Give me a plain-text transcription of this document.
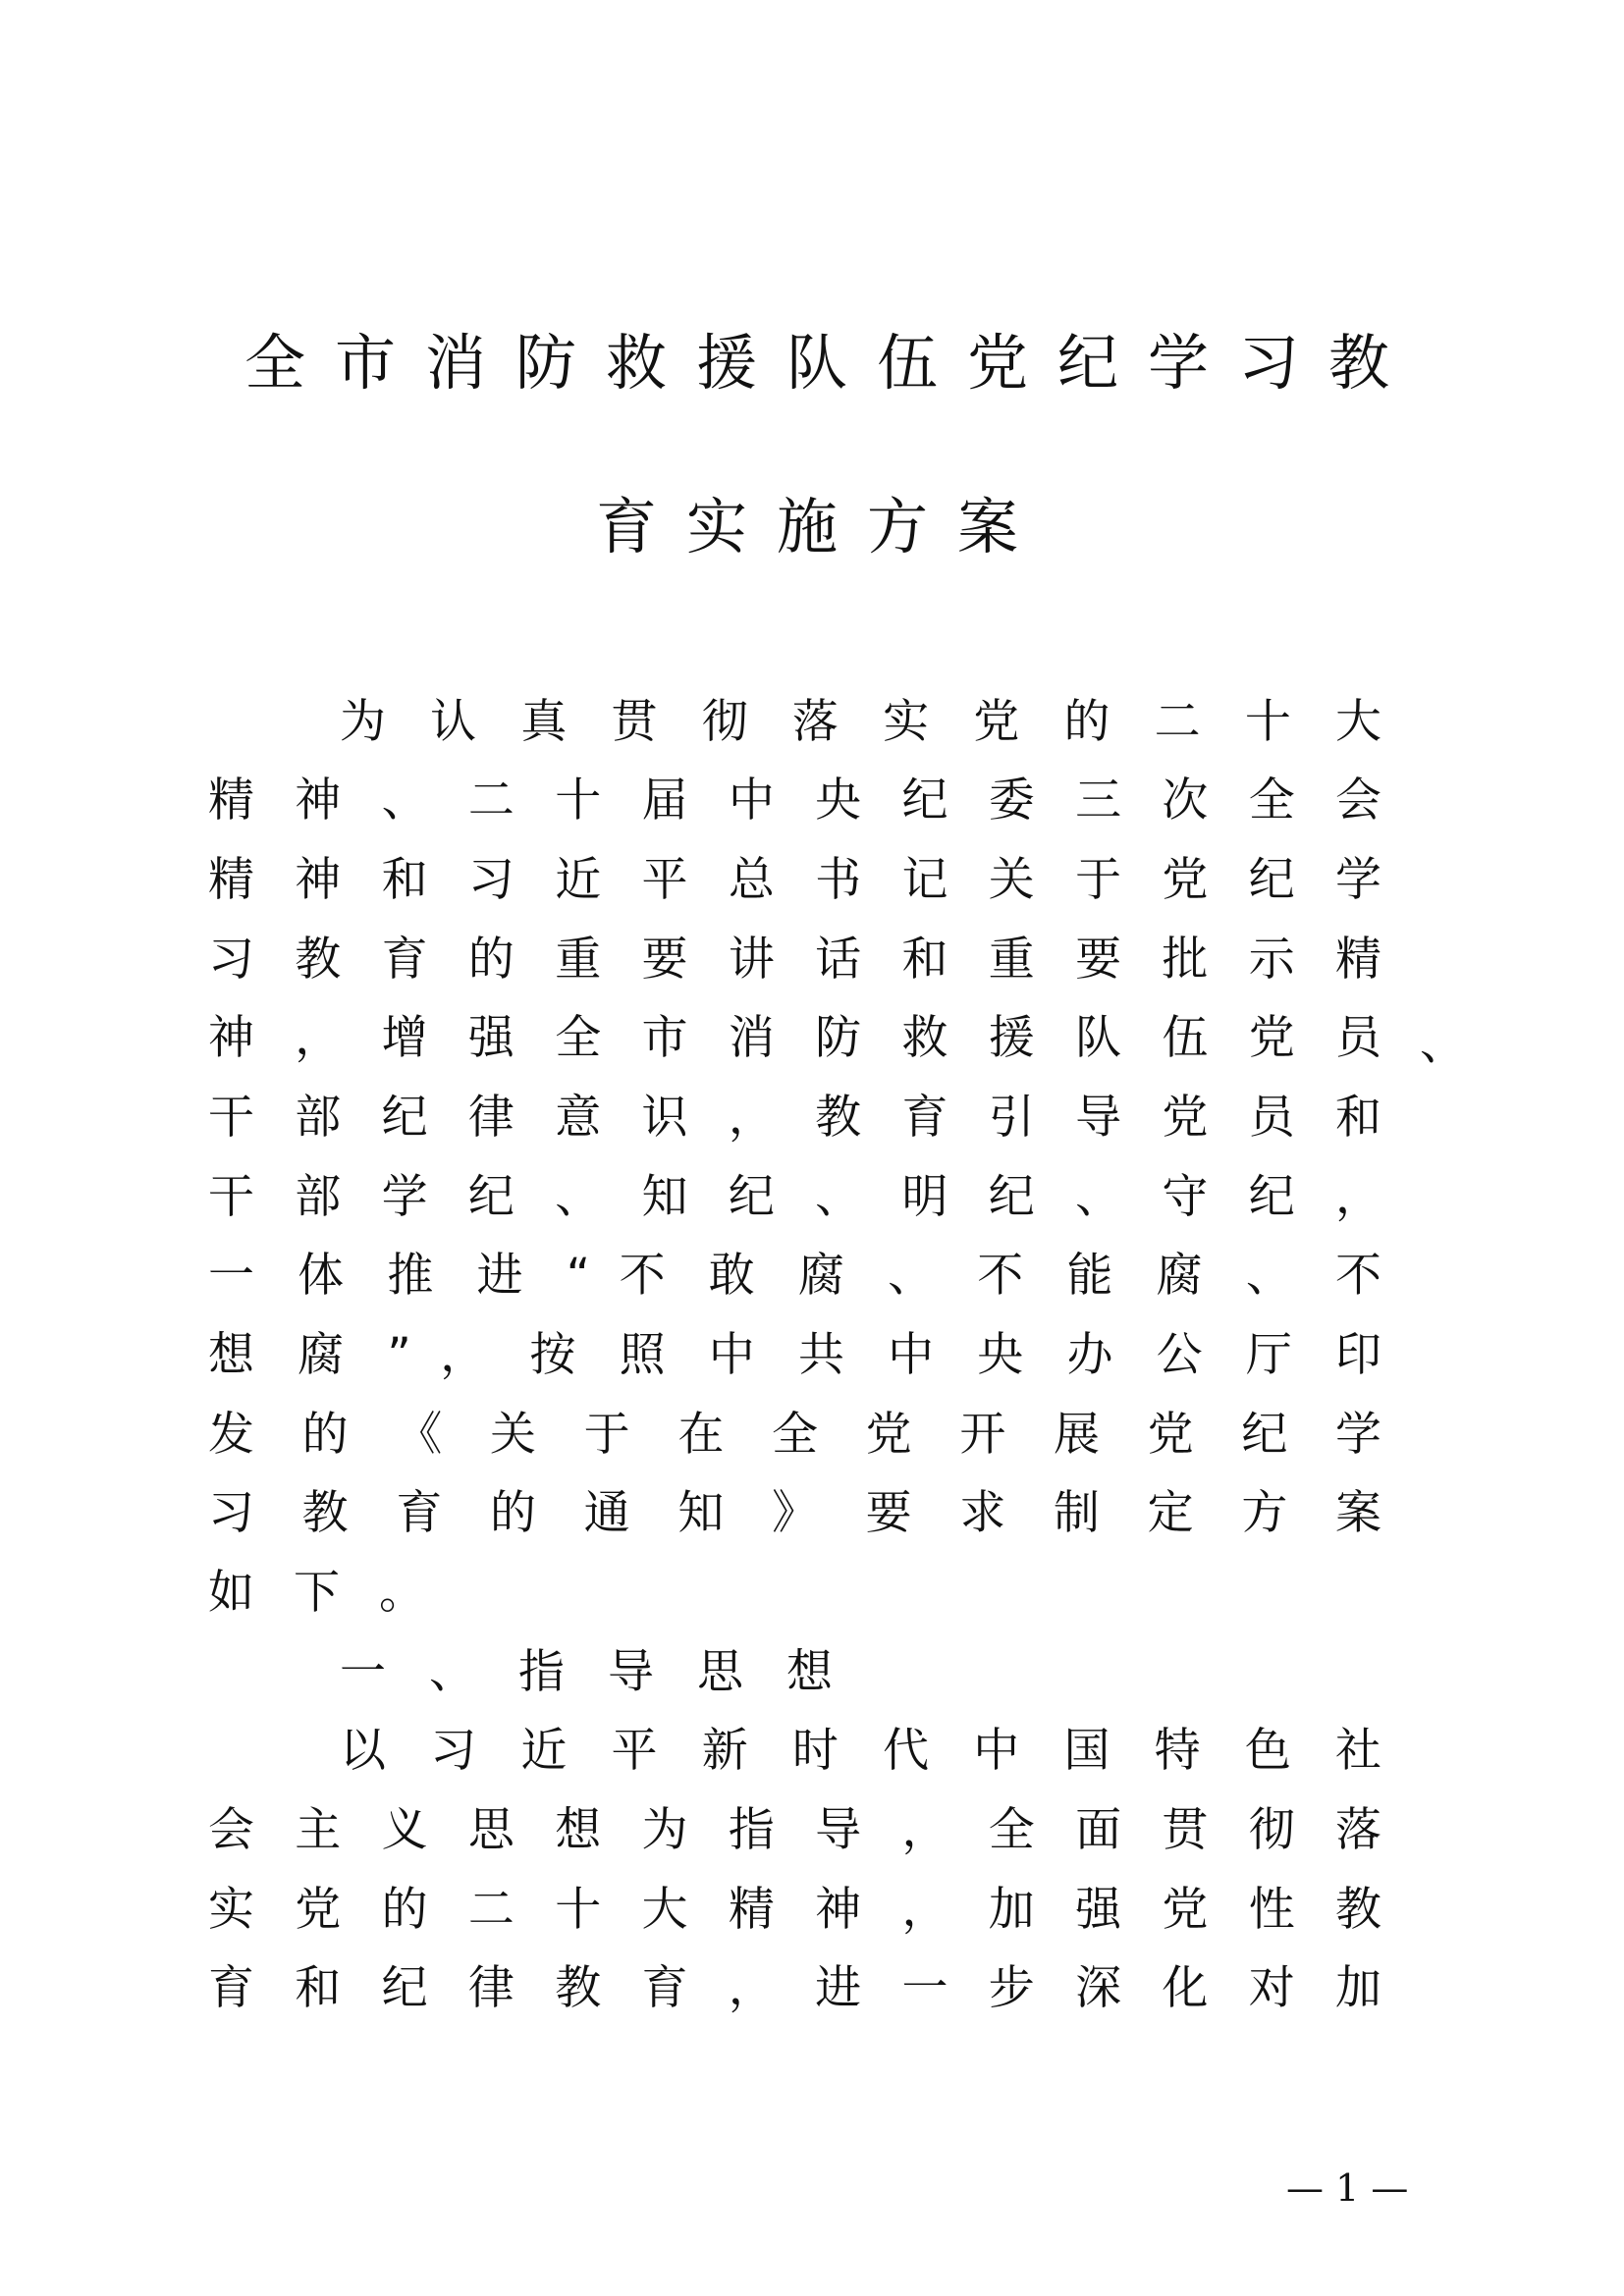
全市消防救援队伍党纪学习教
育实施方案
为 认 真 贯 彻 落 实 党 的 二 十 大
精 神 、 二 十 届 中 央 纪 委 三 次 全 会
精 神 和 习 近 平 总 书 记 关 于 党 纪 学
习 教 育 的 重 要 讲 话 和 重 要 批 示 精
神 ， 增 强 全 市 消 防 救 援 队 伍 党 员 、
干 部 纪 律 意 识 ， 教 育 引 导 党 员 和
干 部 学 纪 、 知 纪 、 明 纪 、 守 纪 ，
一 体 推 进 “ 不 敢 腐 、 不 能 腐 、 不
想 腐 ” ， 按 照 中 共 中 央 办 公 厅 印
发 的 《 关 于 在 全 党 开 展 党 纪 学
习 教 育 的 通 知 》 要 求 制 定 方 案
如下。
一、指导思想
以 习 近 平 新 时 代 中 国 特 色 社
会 主 义 思 想 为 指 导 ， 全 面 贯 彻 落
实 党 的 二 十 大 精 神 ， 加 强 党 性 教
育 和 纪 律 教 育 ， 进 一 步 深 化 对 加
— 1 —
